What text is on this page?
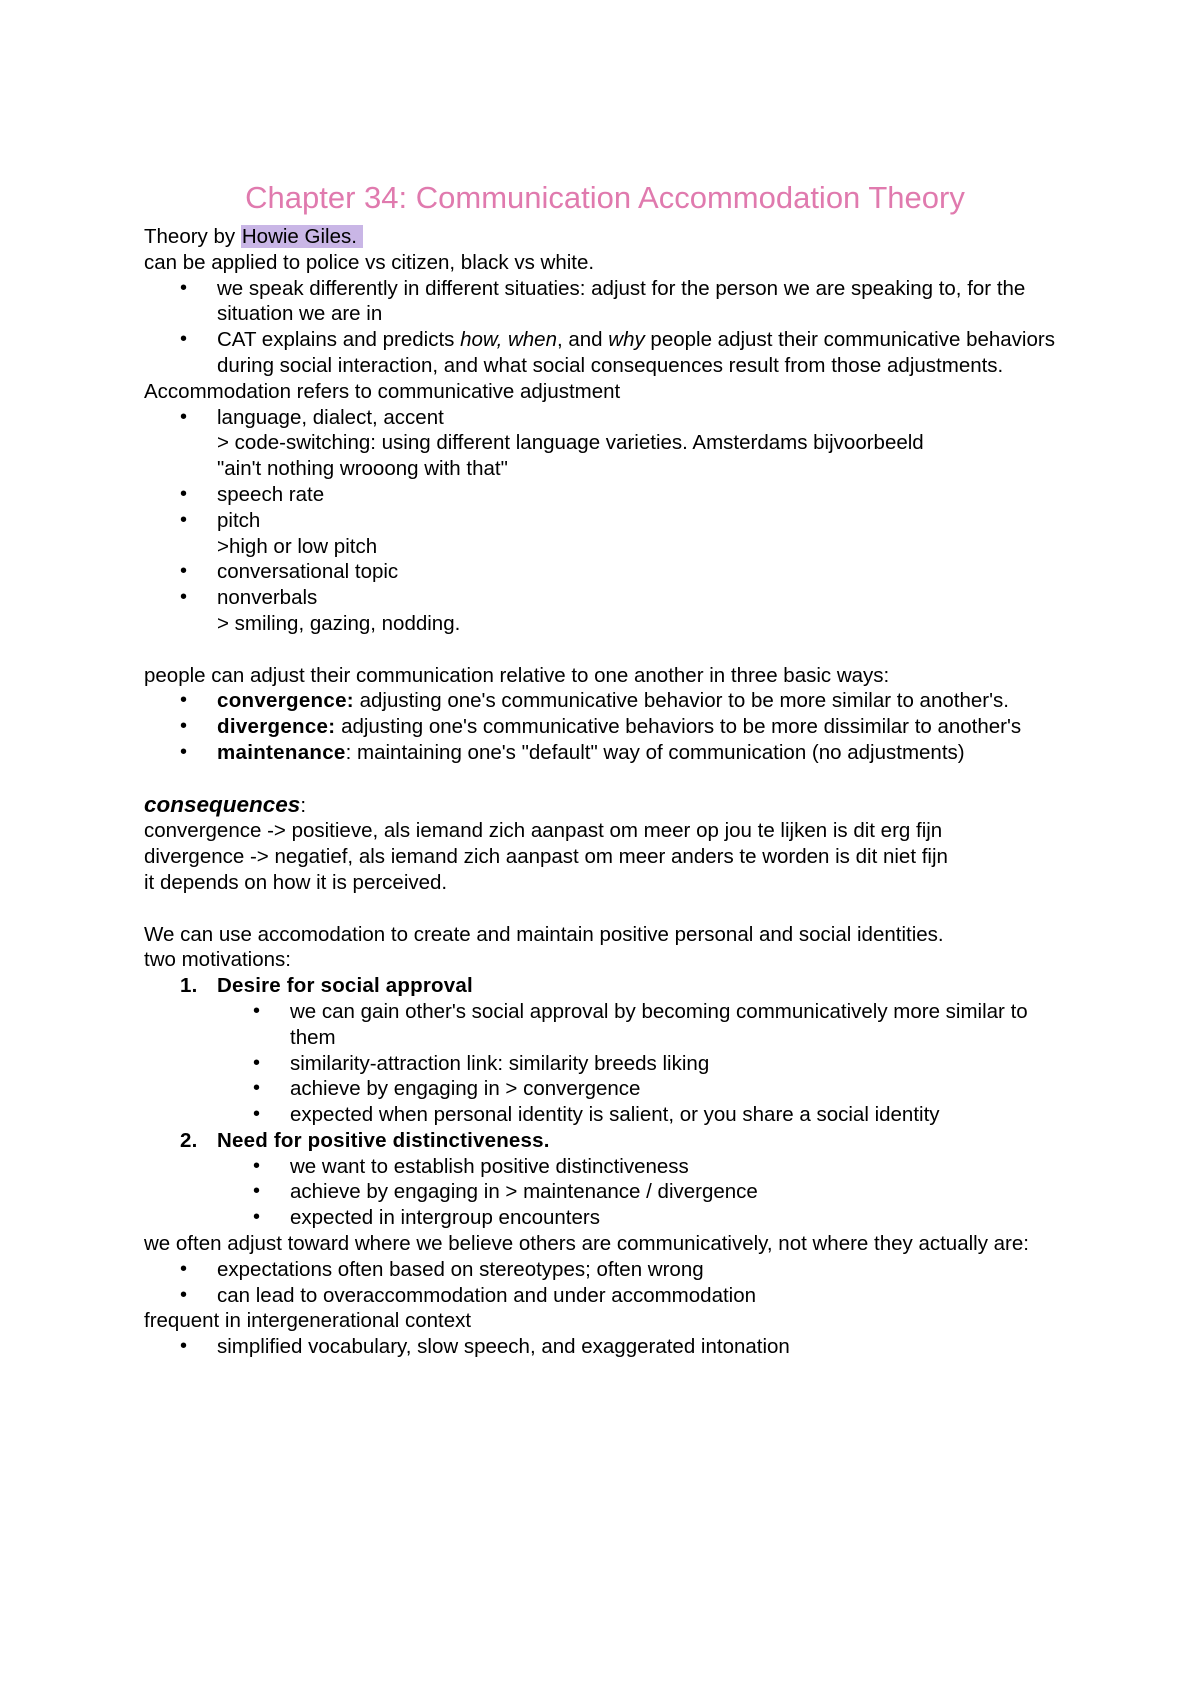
Chapter 34: Communication Accommodation Theory
Theory by Howie Giles.
can be applied to police vs citizen, black vs white.
• we speak differently in different situaties: adjust for the person we are speaking to, for the situation we are in
• CAT explains and predicts how, when, and why people adjust their communicative behaviors during social interaction, and what social consequences result from those adjustments.
Accommodation refers to communicative adjustment
• language, dialect, accent
> code-switching: using different language varieties. Amsterdams bijvoorbeeld
"ain't nothing wrooong with that"
• speech rate
• pitch
>high or low pitch
• conversational topic
• nonverbals
> smiling, gazing, nodding.
people can adjust their communication relative to one another in three basic ways:
• convergence: adjusting one's communicative behavior to be more similar to another's.
• divergence: adjusting one's communicative behaviors to be more dissimilar to another's
• maintenance: maintaining one's "default" way of communication (no adjustments)
consequences:
convergence -> positieve, als iemand zich aanpast om meer op jou te lijken is dit erg fijn
divergence -> negatief, als iemand zich aanpast om meer anders te worden is dit niet fijn
it depends on how it is perceived.
We can use accomodation to create and maintain positive personal and social identities.
two motivations:
1. Desire for social approval
• we can gain other's social approval by becoming communicatively more similar to them
• similarity-attraction link: similarity breeds liking
• achieve by engaging in > convergence
• expected when personal identity is salient, or you share a social identity
2. Need for positive distinctiveness.
• we want to establish positive distinctiveness
• achieve by engaging in > maintenance / divergence
• expected in intergroup encounters
we often adjust toward where we believe others are communicatively, not where they actually are:
• expectations often based on stereotypes; often wrong
• can lead to overaccommodation and under accommodation
frequent in intergenerational context
• simplified vocabulary, slow speech, and exaggerated intonation
